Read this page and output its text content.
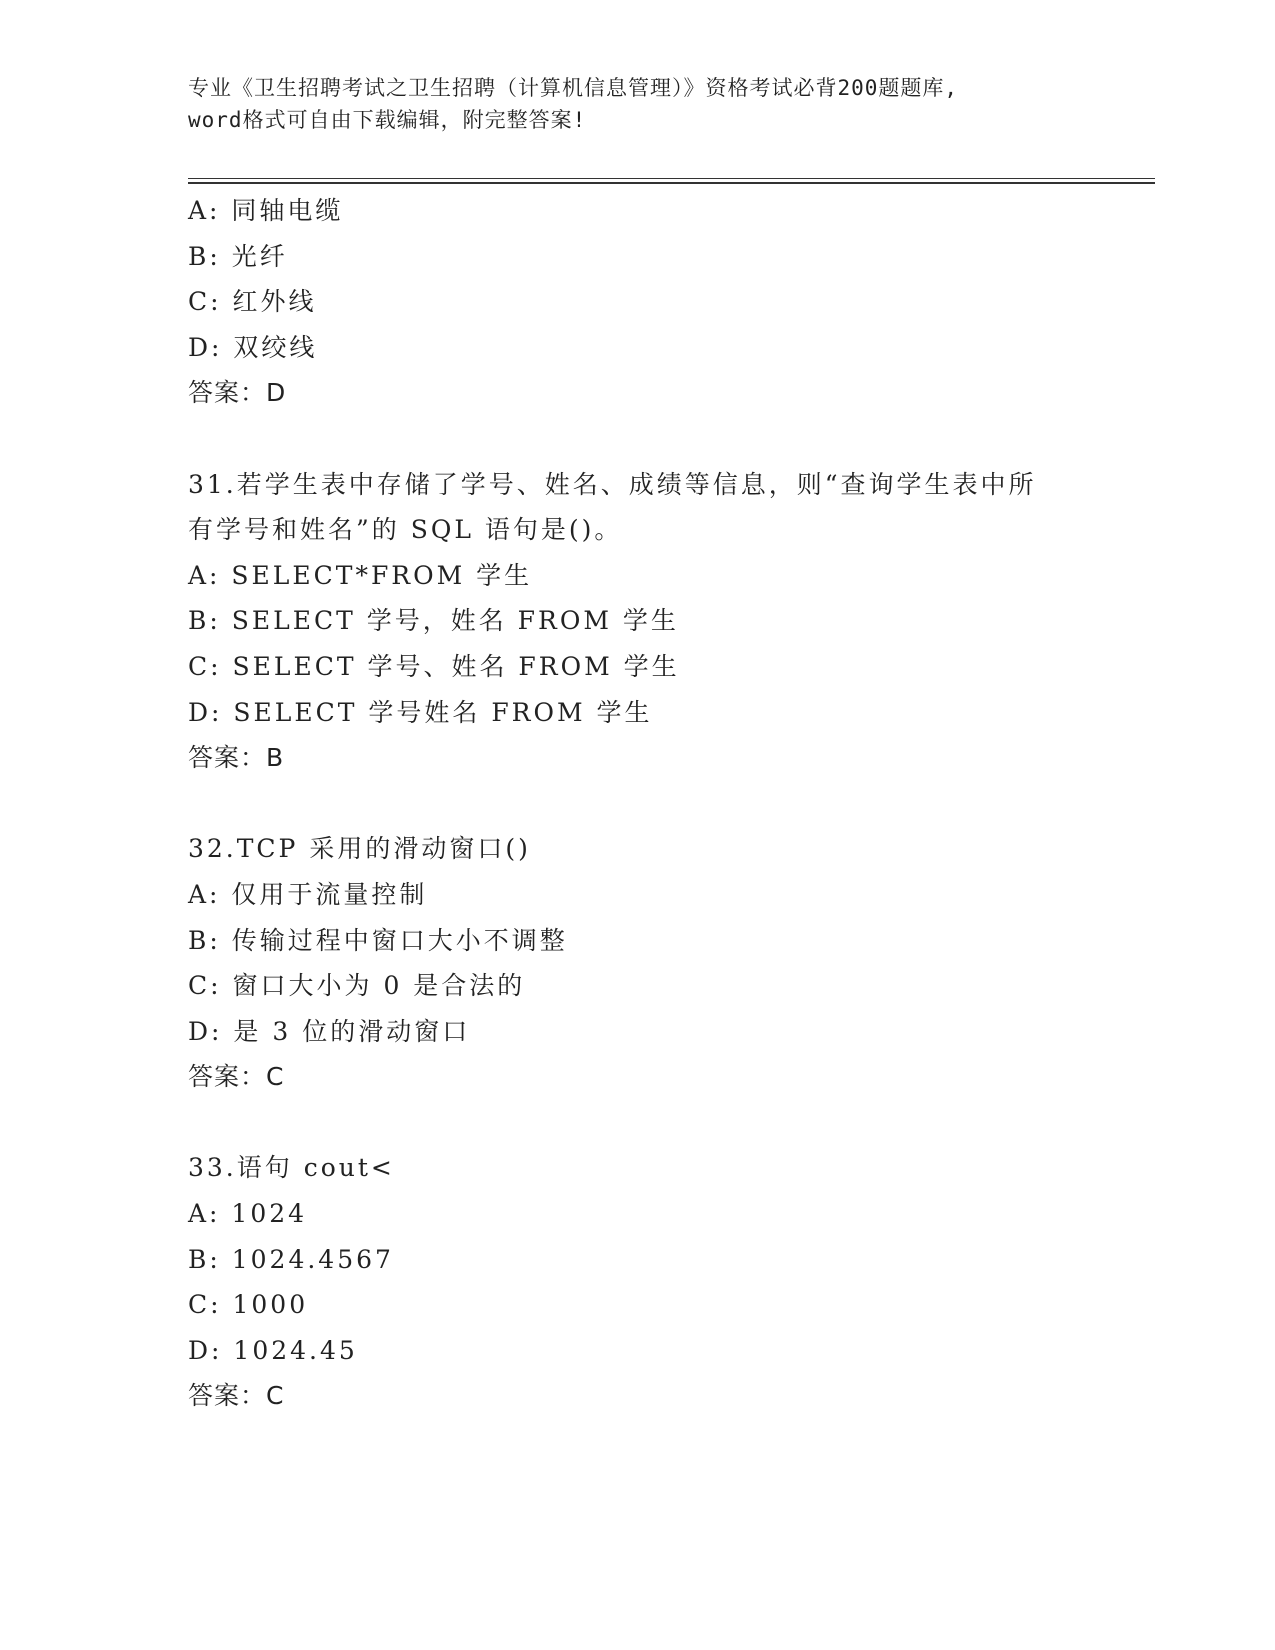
专业《卫生招聘考试之卫生招聘（计算机信息管理）》资格考试必背200题题库,
word格式可自由下载编辑，附完整答案!
A: 同轴电缆
B: 光纤
C: 红外线
D: 双绞线
答案：D
31.若学生表中存储了学号、姓名、成绩等信息，则“查询学生表中所
有学号和姓名”的 SQL 语句是()。
A: SELECT*FROM 学生
B: SELECT 学号，姓名 FROM 学生
C: SELECT 学号、姓名 FROM 学生
D: SELECT 学号姓名 FROM 学生
答案：B
32.TCP 采用的滑动窗口()
A: 仅用于流量控制
B: 传输过程中窗口大小不调整
C: 窗口大小为 0 是合法的
D: 是 3 位的滑动窗口
答案：C
33.语句 cout<
A: 1024
B: 1024.4567
C: 1000
D: 1024.45
答案：C
